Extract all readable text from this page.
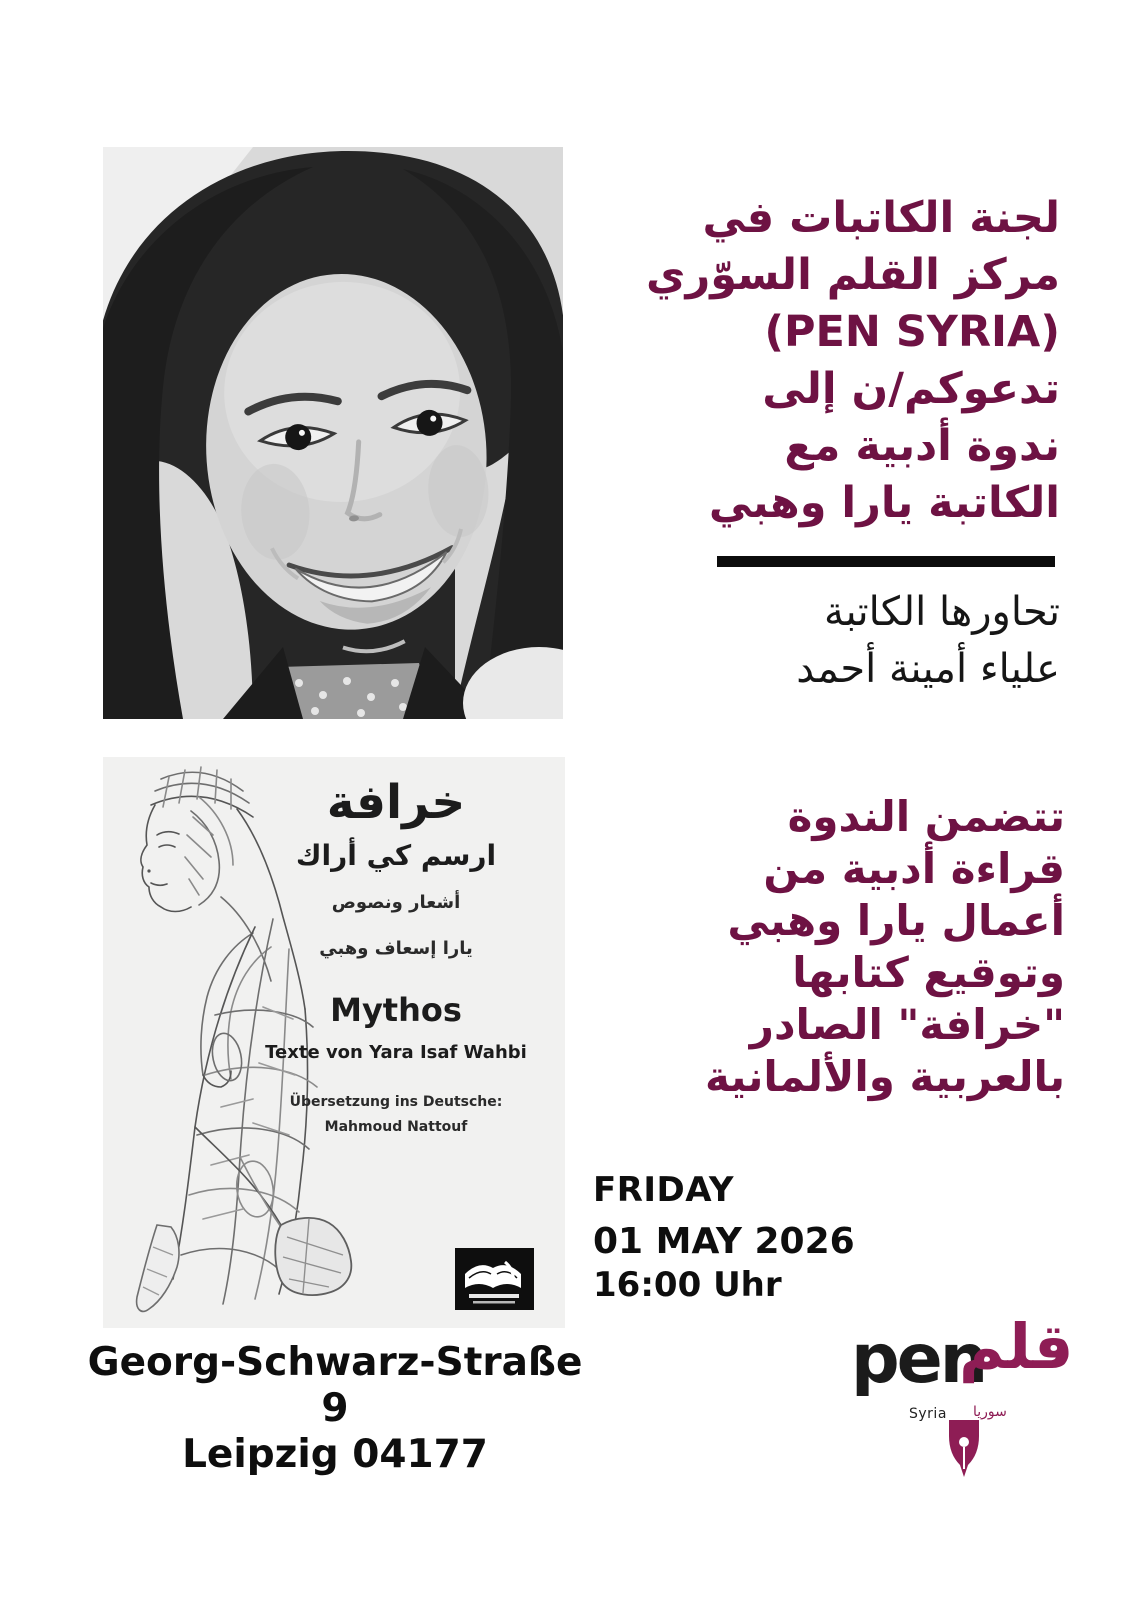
لجنة الكاتبات في
مركز القلم السوّري
(PEN SYRIA)
تدعوكم/ن إلى
ندوة أدبية مع
الكاتبة يارا وهبي
تحاورها الكاتبة
علياء أمينة أحمد
تتضمن الندوة
قراءة أدبية من
أعمال يارا وهبي
وتوقيع كتابها
"خرافة" الصادر
بالعربية والألمانية
خرافة
ارسم كي أراك
أشعار ونصوص
يارا إسعاف وهبي
Mythos
Texte von Yara Isaf Wahbi
Übersetzung ins Deutsche:
Mahmoud Nattouf
FRIDAY
01 MAY 2026
16:00 Uhr
Georg-Schwarz-Straße 9
Leipzig 04177
pen
قلم
Syria سوريا
